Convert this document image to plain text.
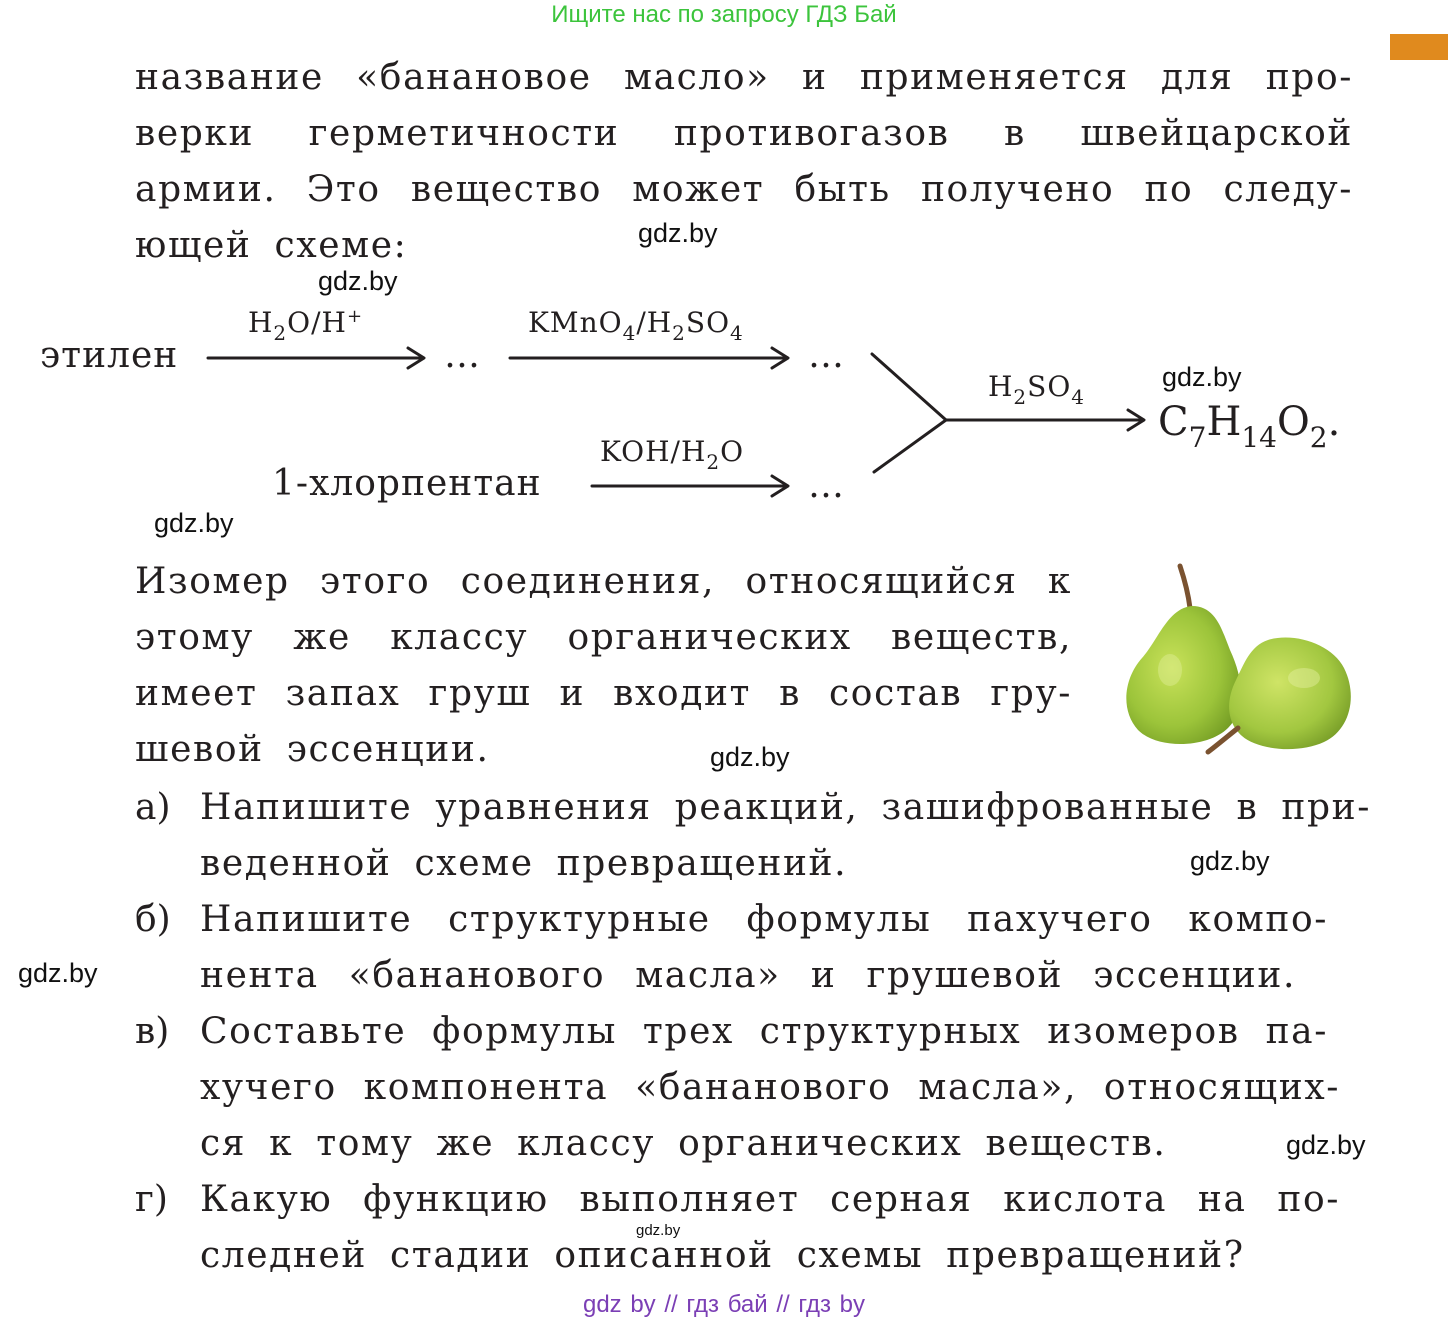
Ищите нас по запросу ГДЗ Бай
название «банановое масло» и применяется для про-
верки герметичности противогазов в швейцарской
армии. Это вещество может быть получено по следу-
ющей схеме:
этилен
$H_2O/H^+$
…
$KMnO_4/H_2SO_4$
…
1-хлорпентан
KOH/$H_2O$
…
$H_2SO_4$
$C_7H_{14}O_2$.
Изомер этого соединения, относящийся к
этому же классу органических веществ,
имеет запах груш и входит в состав гру-
шевой эссенции.
а) Напишите уравнения реакций, зашифрованные в при-
веденной схеме превращений.
б) Напишите структурные формулы пахучего компо-
нента «бананового масла» и грушевой эссенции.
в) Составьте формулы трех структурных изомеров па-
хучего компонента «бананового масла», относящих-
ся к тому же классу органических веществ.
г) Какую функцию выполняет серная кислота на по-
следней стадии описанной схемы превращений?
gdz.by
gdz.by
gdz.by
gdz.by
gdz.by
gdz.by
gdz.by
gdz.by
gdz.by
gdz by // гдз бай // гдз by
